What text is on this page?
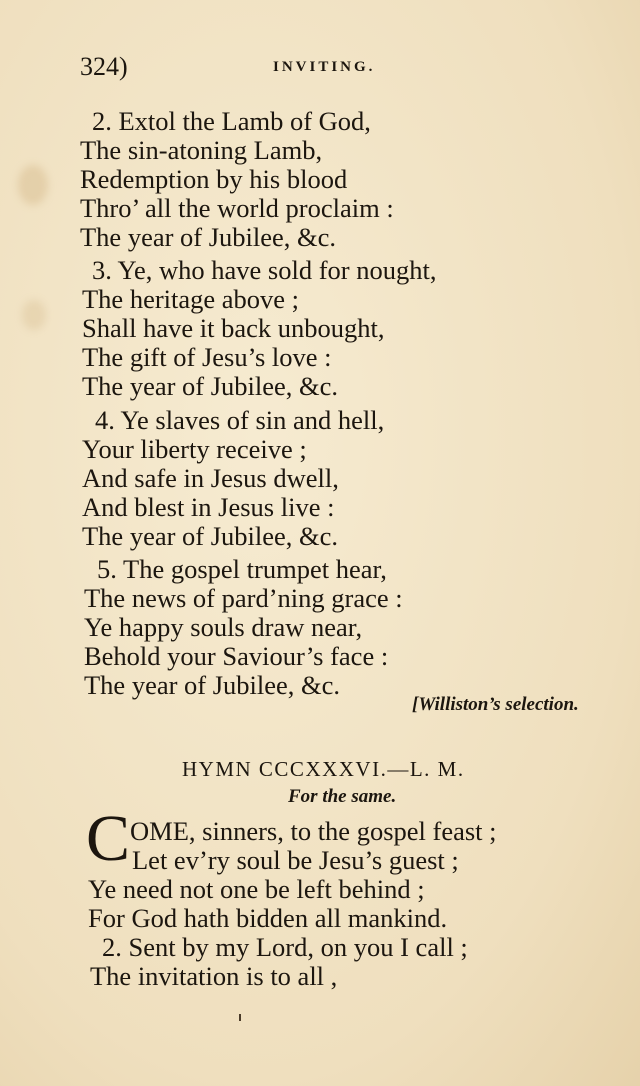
324)	INVITING.
2. Extol the Lamb of God,
The sin-atoning Lamb,
Redemption by his blood
Thro’ all the world proclaim :
The year of Jubilee, &c.
3. Ye, who have sold for nought,
The heritage above ;
Shall have it back unbought,
The gift of Jesu’s love :
The year of Jubilee, &c.
4. Ye slaves of sin and hell,
Your liberty receive ;
And safe in Jesus dwell,
And blest in Jesus live :
The year of Jubilee, &c.
5. The gospel trumpet hear,
The news of pard’ning grace :
Ye happy souls draw near,
Behold your Saviour’s face :
The year of Jubilee, &c.
[Williston’s selection.
HYMN CCCXXXVI.—L. M.
For the same.
C OME, sinners, to the gospel feast ;
Let ev’ry soul be Jesu’s guest ;
Ye need not one be left behind ;
For God hath bidden all mankind.
2. Sent by my Lord, on you I call ;
The invitation is to all ,
